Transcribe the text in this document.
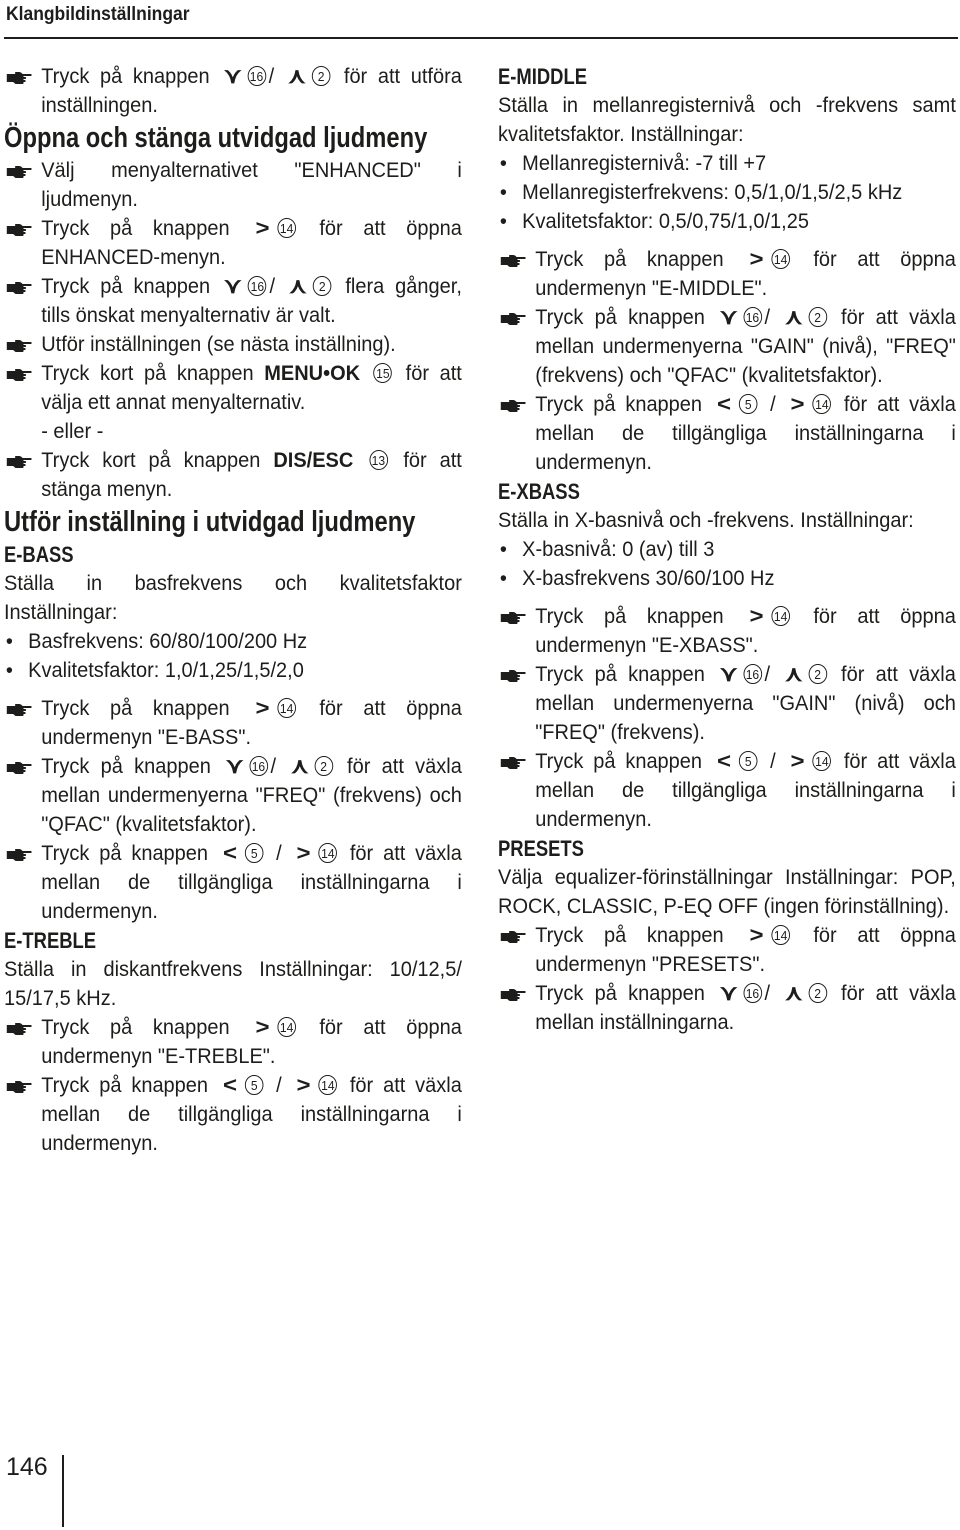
Klangbildinställningar
Tryck på knappen ⋎ 16 / ⋏ 2 för att utföra inställningen.
Öppna och stänga utvidgad ljudmeny
Välj menyalternativet "ENHANCED" i ljudmenyn.
Tryck på knappen > 14 för att öppna ENHANCED-menyn.
Tryck på knappen ⋎ 16 / ⋏ 2 flera gånger, tills önskat menyalternativ är valt.
Utför inställningen (se nästa inställning).
Tryck kort på knappen MENU•OK 15 för att välja ett annat menyalternativ.
- eller -
Tryck kort på knappen DIS/ESC 13 för att stänga menyn.
Utför inställning i utvidgad ljudmeny
E-BASS
Ställa in basfrekvens och kvalitetsfaktor Inställningar:
• Basfrekvens: 60/80/100/200 Hz
• Kvalitetsfaktor: 1,0/1,25/1,5/2,0
Tryck på knappen > 14 för att öppna undermenyn "E-BASS".
Tryck på knappen ⋎ 16 / ⋏ 2 för att växla mellan undermenyerna "FREQ" (frekvens) och "QFAC" (kvalitetsfaktor).
Tryck på knappen < 5 / > 14 för att växla mellan de tillgängliga inställningarna i undermenyn.
E-TREBLE
Ställa in diskantfrekvens Inställningar: 10/12,5/ 15/17,5 kHz.
Tryck på knappen > 14 för att öppna undermenyn "E-TREBLE".
Tryck på knappen < 5 / > 14 för att växla mellan de tillgängliga inställningarna i undermenyn.
E-MIDDLE
Ställa in mellanregisternivå och -frekvens samt kvalitetsfaktor. Inställningar:
• Mellanregisternivå: -7 till +7
• Mellanregisterfrekvens: 0,5/1,0/1,5/2,5 kHz
• Kvalitetsfaktor: 0,5/0,75/1,0/1,25
Tryck på knappen > 14 för att öppna undermenyn "E-MIDDLE".
Tryck på knappen ⋎ 16 / ⋏ 2 för att växla mellan undermenyerna "GAIN" (nivå), "FREQ" (frekvens) och "QFAC" (kvalitetsfaktor).
Tryck på knappen < 5 / > 14 för att växla mellan de tillgängliga inställningarna i undermenyn.
E-XBASS
Ställa in X-basnivå och -frekvens. Inställningar:
• X-basnivå: 0 (av) till 3
• X-basfrekvens 30/60/100 Hz
Tryck på knappen > 14 för att öppna undermenyn "E-XBASS".
Tryck på knappen ⋎ 16 / ⋏ 2 för att växla mellan undermenyerna "GAIN" (nivå) och "FREQ" (frekvens).
Tryck på knappen < 5 / > 14 för att växla mellan de tillgängliga inställningarna i undermenyn.
PRESETS
Välja equalizer-förinställningar Inställningar: POP, ROCK, CLASSIC, P-EQ OFF (ingen förinställning).
Tryck på knappen > 14 för att öppna undermenyn "PRESETS".
Tryck på knappen ⋎ 16 / ⋏ 2 för att växla mellan inställningarna.
146
